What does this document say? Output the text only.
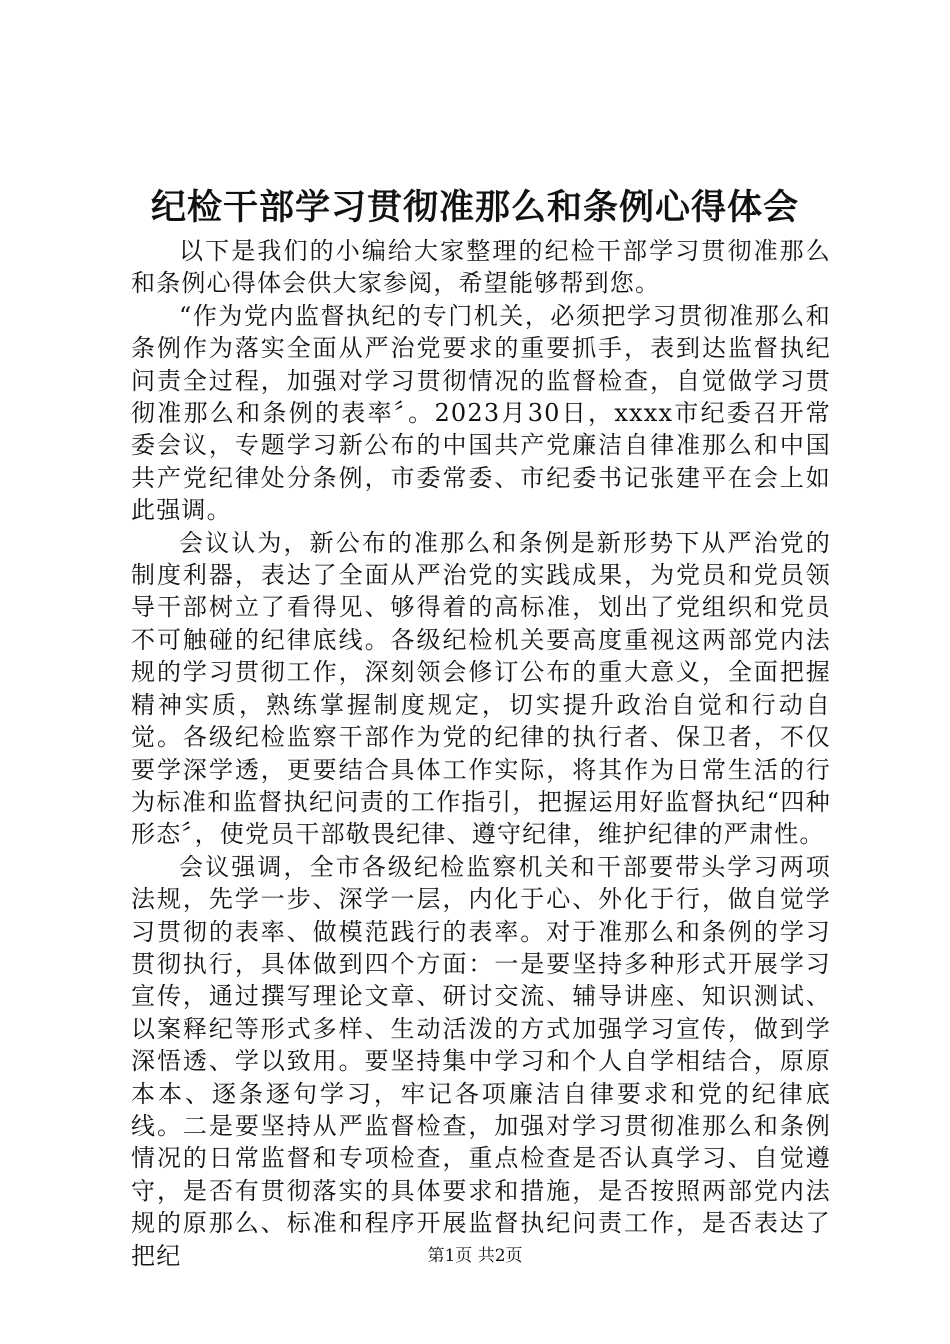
纪检干部学习贯彻准那么和条例心得体会

以下是我们的小编给大家整理的纪检干部学习贯彻准那么和条例心得体会供大家参阅，希望能够帮到您。

“作为党内监督执纪的专门机关，必须把学习贯彻准那么和条例作为落实全面从严治党要求的重要抓手，表到达监督执纪问责全过程，加强对学习贯彻情况的监督检查，自觉做学习贯彻准那么和条例的表率〞。2023月30日，xxxx市纪委召开常委会议，专题学习新公布的中国共产党廉洁自律准那么和中国共产党纪律处分条例，市委常委、市纪委书记张建平在会上如此强调。

会议认为，新公布的准那么和条例是新形势下从严治党的制度利器，表达了全面从严治党的实践成果，为党员和党员领导干部树立了看得见、够得着的高标准，划出了党组织和党员不可触碰的纪律底线。各级纪检机关要高度重视这两部党内法规的学习贯彻工作，深刻领会修订公布的重大意义，全面把握精神实质，熟练掌握制度规定，切实提升政治自觉和行动自觉。各级纪检监察干部作为党的纪律的执行者、保卫者，不仅要学深学透，更要结合具体工作实际，将其作为日常生活的行为标准和监督执纪问责的工作指引，把握运用好监督执纪“四种形态〞，使党员干部敬畏纪律、遵守纪律，维护纪律的严肃性。

会议强调，全市各级纪检监察机关和干部要带头学习两项法规，先学一步、深学一层，内化于心、外化于行，做自觉学习贯彻的表率、做模范践行的表率。对于准那么和条例的学习贯彻执行，具体做到四个方面：一是要坚持多种形式开展学习宣传，通过撰写理论文章、研讨交流、辅导讲座、知识测试、以案释纪等形式多样、生动活泼的方式加强学习宣传，做到学深悟透、学以致用。要坚持集中学习和个人自学相结合，原原本本、逐条逐句学习，牢记各项廉洁自律要求和党的纪律底线。二是要坚持从严监督检查，加强对学习贯彻准那么和条例情况的日常监督和专项检查，重点检查是否认真学习、自觉遵守，是否有贯彻落实的具体要求和措施，是否按照两部党内法规的原那么、标准和程序开展监督执纪问责工作，是否表达了把纪	第1页 共2页
